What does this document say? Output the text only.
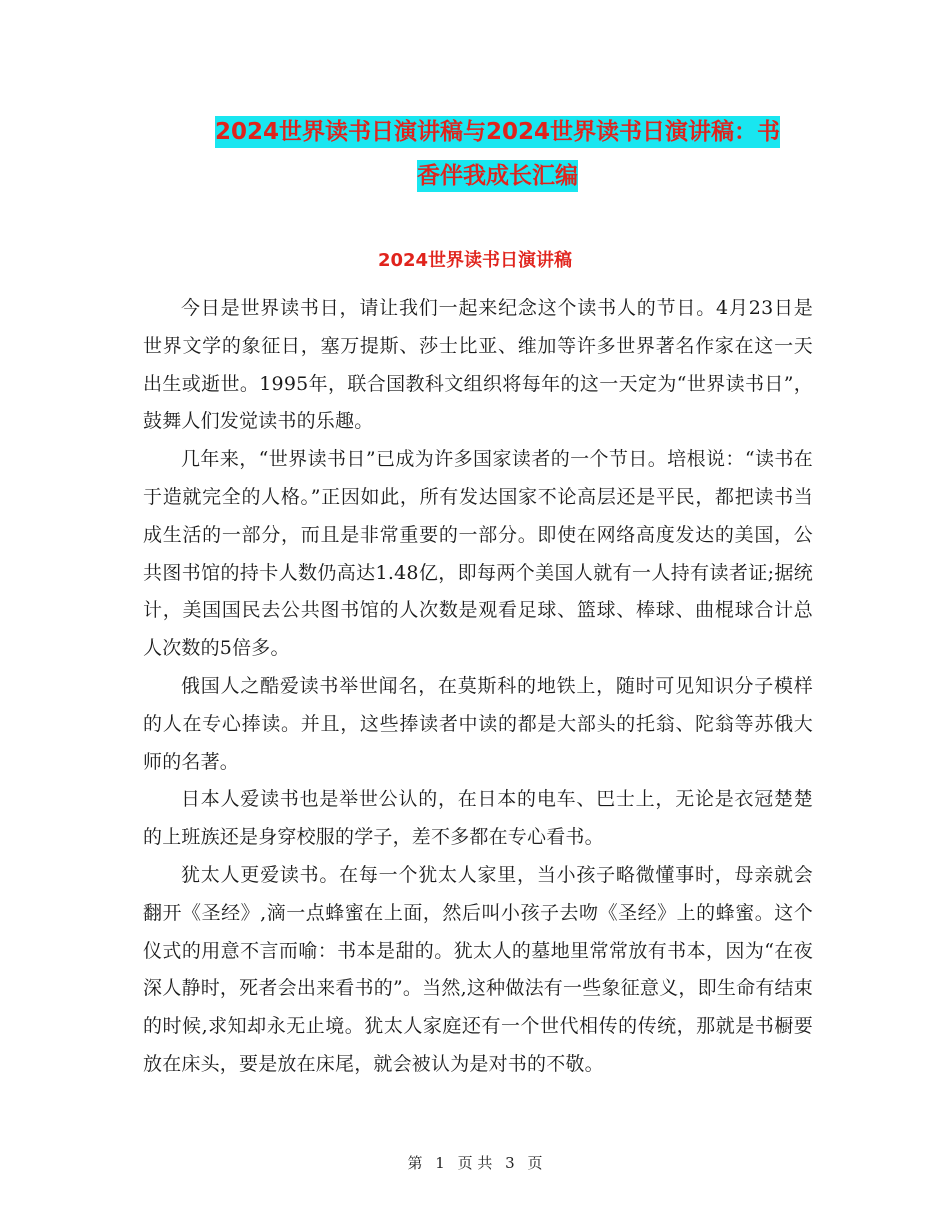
2024世界读书日演讲稿与2024世界读书日演讲稿：书
香伴我成长汇编
2024世界读书日演讲稿

今日是世界读书日，请让我们一起来纪念这个读书人的节日。4月23日是世界文学的象征日，塞万提斯、莎士比亚、维加等许多世界著名作家在这一天出生或逝世。1995年，联合国教科文组织将每年的这一天定为“世界读书日”，鼓舞人们发觉读书的乐趣。

几年来，“世界读书日”已成为许多国家读者的一个节日。培根说：“读书在于造就完全的人格。”正因如此，所有发达国家不论高层还是平民，都把读书当成生活的一部分，而且是非常重要的一部分。即使在网络高度发达的美国，公共图书馆的持卡人数仍高达1.48亿，即每两个美国人就有一人持有读者证;据统计，美国国民去公共图书馆的人次数是观看足球、篮球、棒球、曲棍球合计总人次数的5倍多。

俄国人之酷爱读书举世闻名，在莫斯科的地铁上，随时可见知识分子模样的人在专心捧读。并且，这些捧读者中读的都是大部头的托翁、陀翁等苏俄大师的名著。

日本人爱读书也是举世公认的，在日本的电车、巴士上，无论是衣冠楚楚的上班族还是身穿校服的学子，差不多都在专心看书。

犹太人更爱读书。在每一个犹太人家里，当小孩子略微懂事时，母亲就会翻开《圣经》,滴一点蜂蜜在上面，然后叫小孩子去吻《圣经》上的蜂蜜。这个仪式的用意不言而喻：书本是甜的。犹太人的墓地里常常放有书本，因为“在夜深人静时，死者会出来看书的”。当然,这种做法有一些象征意义，即生命有结束的时候,求知却永无止境。犹太人家庭还有一个世代相传的传统，那就是书橱要放在床头，要是放在床尾，就会被认为是对书的不敬。

第 1 页 共 3 页
